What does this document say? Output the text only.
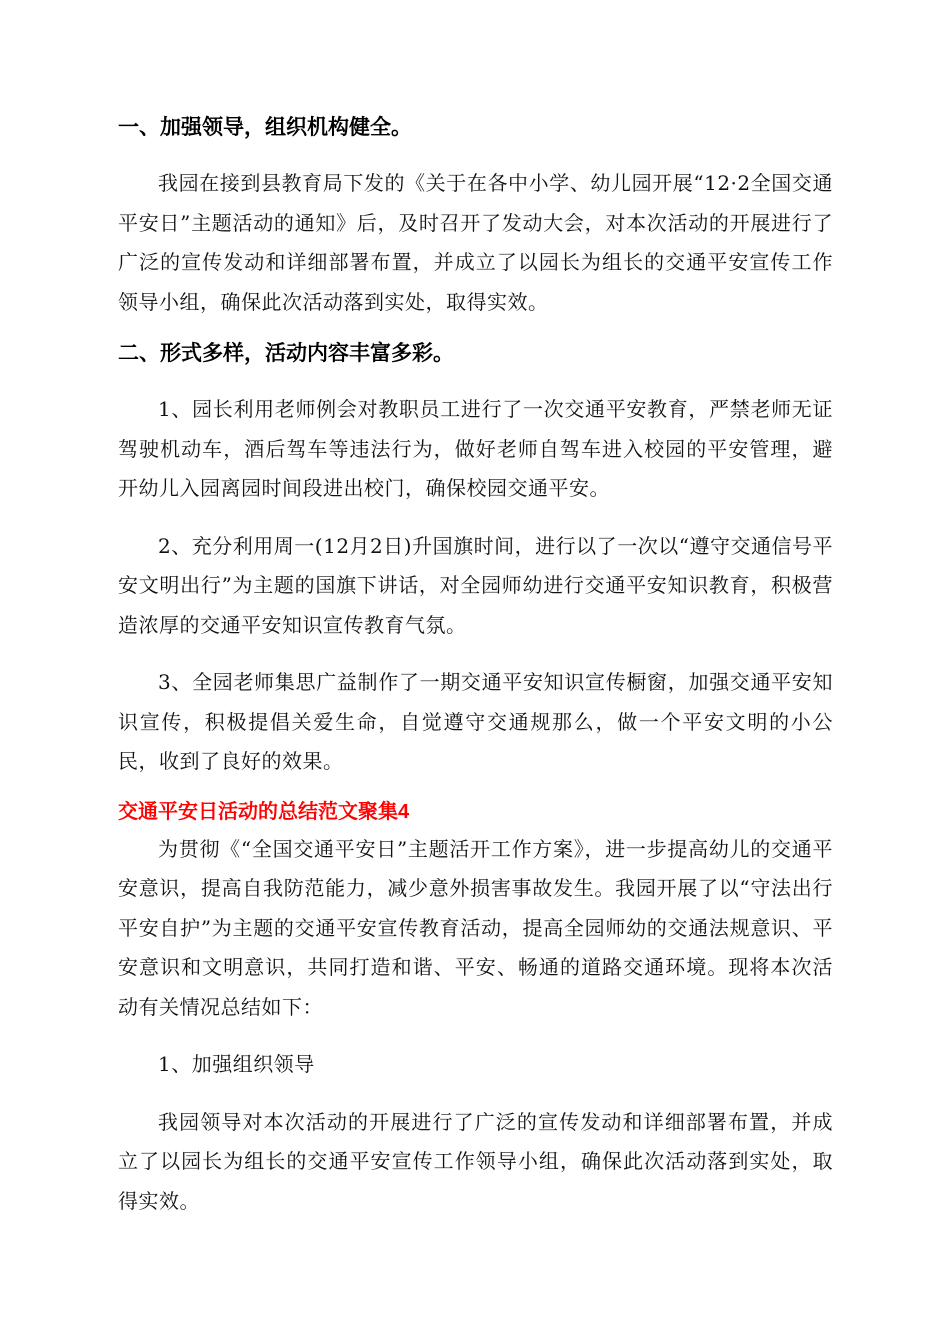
一、加强领导，组织机构健全。

我园在接到县教育局下发的《关于在各中小学、幼儿园开展“12·2全国交通平安日”主题活动的通知》后，及时召开了发动大会，对本次活动的开展进行了广泛的宣传发动和详细部署布置，并成立了以园长为组长的交通平安宣传工作领导小组，确保此次活动落到实处，取得实效。

二、形式多样，活动内容丰富多彩。

1、园长利用老师例会对教职员工进行了一次交通平安教育，严禁老师无证驾驶机动车，酒后驾车等违法行为，做好老师自驾车进入校园的平安管理，避开幼儿入园离园时间段进出校门，确保校园交通平安。

2、充分利用周一(12月2日)升国旗时间，进行以了一次以“遵守交通信号平安文明出行”为主题的国旗下讲话，对全园师幼进行交通平安知识教育，积极营造浓厚的交通平安知识宣传教育气氛。

3、全园老师集思广益制作了一期交通平安知识宣传橱窗，加强交通平安知识宣传，积极提倡关爱生命，自觉遵守交通规那么，做一个平安文明的小公民，收到了良好的效果。

交通平安日活动的总结范文聚集4

为贯彻《“全国交通平安日”主题活开工作方案》，进一步提高幼儿的交通平安意识，提高自我防范能力，减少意外损害事故发生。我园开展了以“守法出行平安自护”为主题的交通平安宣传教育活动，提高全园师幼的交通法规意识、平安意识和文明意识，共同打造和谐、平安、畅通的道路交通环境。现将本次活动有关情况总结如下：

1、加强组织领导

我园领导对本次活动的开展进行了广泛的宣传发动和详细部署布置，并成立了以园长为组长的交通平安宣传工作领导小组，确保此次活动落到实处，取得实效。
